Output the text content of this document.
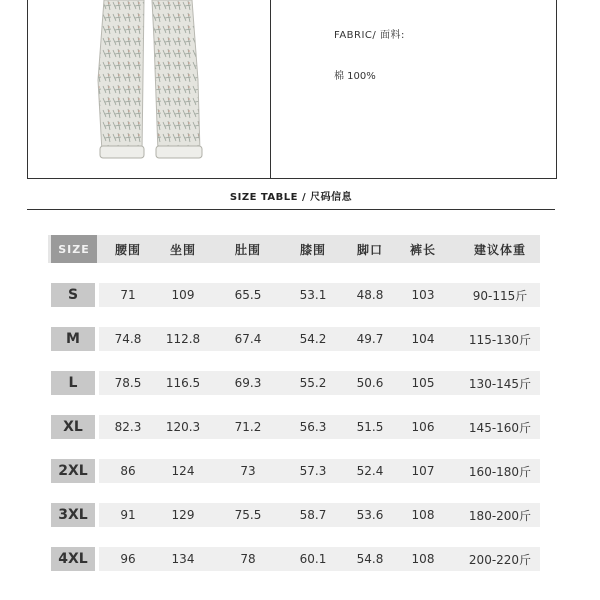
FABRIC/ 面料:
棉 100%
SIZE TABLE / 尺码信息
SIZE	腰围	坐围	肚围	膝围	脚口	裤长	建议体重
S	71	109	65.5	53.1	48.8	103	90-115斤
M	74.8	112.8	67.4	54.2	49.7	104	115-130斤
L	78.5	116.5	69.3	55.2	50.6	105	130-145斤
XL	82.3	120.3	71.2	56.3	51.5	106	145-160斤
2XL	86	124	73	57.3	52.4	107	160-180斤
3XL	91	129	75.5	58.7	53.6	108	180-200斤
4XL	96	134	78	60.1	54.8	108	200-220斤
